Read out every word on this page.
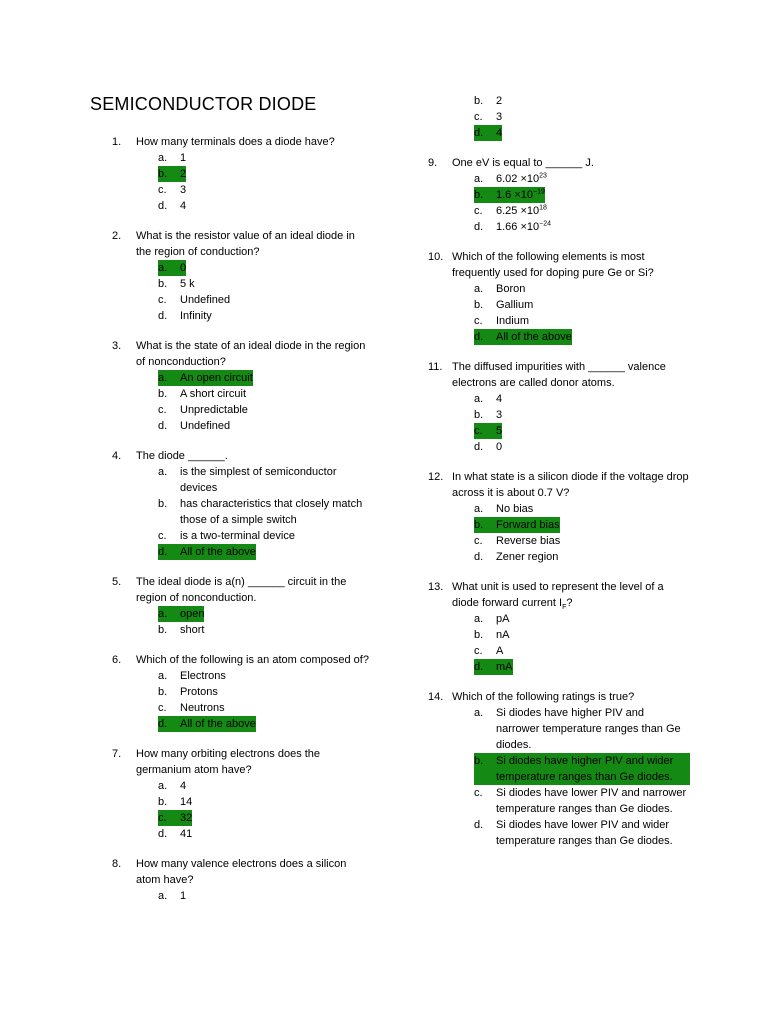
SEMICONDUCTOR DIODE
1.	How many terminals does a diode have?
a.	1
b.	2
c.	3
d.	4
2.	What is the resistor value of an ideal diode in the region of conduction?
a.	0
b.	5 k
c.	Undefined
d.	Infinity
3.	What is the state of an ideal diode in the region of nonconduction?
a.	An open circuit
b.	A short circuit
c.	Unpredictable
d.	Undefined
4.	The diode ______.
a.	is the simplest of semiconductor devices
b.	has characteristics that closely match those of a simple switch
c.	is a two-terminal device
d.	All of the above
5.	The ideal diode is a(n) ______ circuit in the region of nonconduction.
a.	open
b.	short
6.	Which of the following is an atom composed of?
a.	Electrons
b.	Protons
c.	Neutrons
d.	All of the above
7.	How many orbiting electrons does the germanium atom have?
a.	4
b.	14
c.	32
d.	41
8.	How many valence electrons does a silicon atom have?
a.	1
b.	2
c.	3
d.	4
9.	One eV is equal to ______ J.
a.	$6.02 \times 10^{23}$
b.	$1.6 \times 10^{-19}$
c.	$6.25 \times 10^{18}$
d.	$1.66 \times 10^{-24}$
10. Which of the following elements is most frequently used for doping pure Ge or Si?
a.	Boron
b.	Gallium
c.	Indium
d.	All of the above
11. The diffused impurities with ______ valence electrons are called donor atoms.
a.	4
b.	3
c.	5
d.	0
12. In what state is a silicon diode if the voltage drop across it is about 0.7 V?
a.	No bias
b.	Forward bias
c.	Reverse bias
d.	Zener region
13. What unit is used to represent the level of a diode forward current $I_F$?
a.	pA
b.	nA
c.	A
d.	mA
14. Which of the following ratings is true?
a.	Si diodes have higher PIV and narrower temperature ranges than Ge diodes.
b.	Si diodes have higher PIV and wider temperature ranges than Ge diodes.
c.	Si diodes have lower PIV and narrower temperature ranges than Ge diodes.
d.	Si diodes have lower PIV and wider temperature ranges than Ge diodes.
